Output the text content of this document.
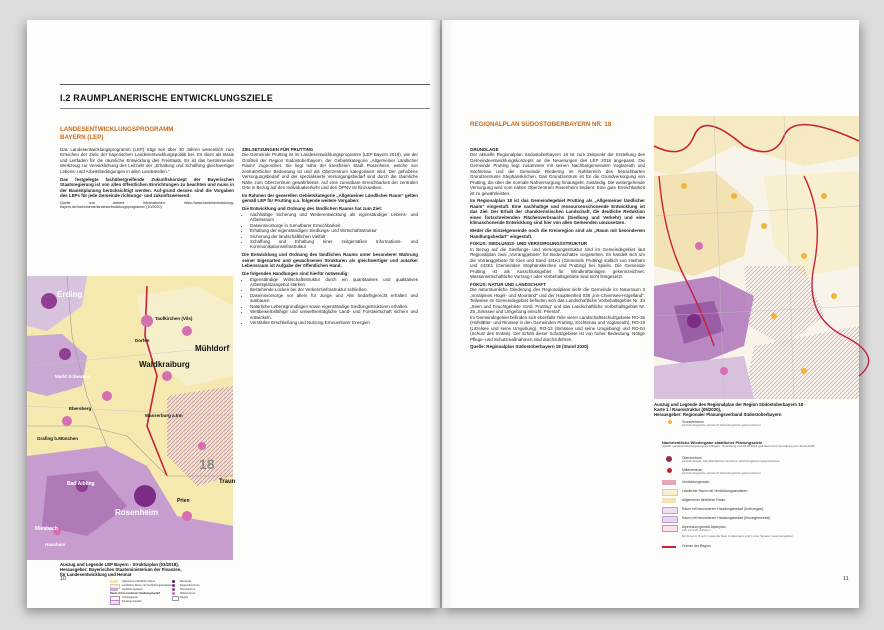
I.2 RAUMPLANERISCHE ENTWICKLUNGSZIELE
LANDESENTWICKLUNGSPROGRAMM
BAYERN (LEP)

Das Landesentwicklungsprogramm (LEP) trägt seit über 30 Jahren wesentlich zum Erreichen der Ziele der bayerischen Landesentwicklungspolitik bei. Es dient als Basis und Leitfaden für die räumliche Entwicklung des Freistaats. Es ist das bestimmende Werkzeug zur Verwirklichung des Leitziels der „Erhaltung und Schaffung gleichwertiger Lebens- und Arbeitsbedingungen in allen Landesteilen.“

Das festgelegte fachübergreifende Zukunftskonzept der Bayerischen Staatsregierung ist von allen öffentlichen Einrichtungen zu beachten und muss in der Bauleitplanung berücksichtigt werden. Auf-grund dessen sind die Vorgaben des LEPs für jede Gemeinde richtungs- und zukunftsweisend.

Quelle und weitere Informationen: https://www.landesentwicklung-bayern.de/instrumente/landesentwicklungsprogramm/ (10/2020)

ZIELSETZUNGEN FÜR PRUTTING

Die Gemeinde Prutting ist im Landesentwicklungsprogramm (LEP Bayern 2018), wie der Großteil der Region Südostoberbayern, der Gebietskategorie „Allgemeiner Ländlicher Raum“ zugeordnet. Sie liegt nahe der kreisfreien Stadt Rosenheim, welche von zentralörtlicher Bedeutung ist und als Oberzentrum kategorisiert wird. Der gehobene Versorgungsbedarf und der spezialisierte Versorgungsbedarf sind durch die räumliche Nähe zum Oberzentrum gewährleistet. Auf eine zumutbare Erreichbarkeit der zentralen Orte in Bezug auf den Individualverkehr und den ÖPNV ist hinzuwirken.

Im Rahmen der generellen Gebietskategorie „Allgemeiner Ländlicher Raum“ gelten gemäß LEP für Prutting u.a. folgende weitere Vorgaben:

Die Entwicklung und Ordnung des ländlichen Raums hat zum Ziel:

• nachhaltige Sicherung und Weiterentwicklung als eigenständiger Lebens- und Arbeitsraum
• Daseinsvorsorge in zumutbarer Erreichbarkeit
• Erhaltung der eigenständigen Siedlungs- und Wirtschaftsstruktur
• Sicherung der landschaftlichen Vielfalt
• Schaffung und Erhaltung einer zeitgemäßen Informations- und Kommunikationsinfrastruktur

Die Entwicklung und Ordnung des ländlichen Raums unter besonderer Wahrung seiner Eigenarten und gewachsenen Strukturen als gleichwertiger und autarker Lebensraum ist Aufgabe der öffentlichen Hand.

Die folgenden Handlungen sind hierfür notwendig:

• Eigenständige Wirtschaftsstruktur durch ein quantitatives und qualitatives Arbeitsplatzangebot stärken.
• Bestehende Lücken bei der Verkehrsinfrastruktur schließen.
• Daseinsvorsorge vor allem für Junge und Alte bedarfsgerecht erhalten und ausbauen.
• Natürliche Lebensgrundlagen sowie eigenständige Siedlungsstrukturen erhalten.
• Wettbewerbsfähige und umweltverträgliche Land- und Forstwirtschaft sichern und entwickeln.
• Verstärkte Erschließung und Nutzung Erneuerbarer Energien
Erding
Taufkirchen (Vils)
Dorfen
Mühldorf
Waldkraiburg
Markt Schwaben
Ebersberg
Wasserburg a.Inn
Grafing b.München
18
Traun
Bad Aibling
Rosenheim
Prien
Miesbach
Hausham
Auszug und Legende LEP Bayern - Strukturplan (03/2018),
Herausgeber: Bayerisches Staatsministerium der Finanzen,
für Landesentwicklung und Heimat
Allgemeiner ländlicher Raum
Ländlicher Raum mit Verdichtungsansätzen
Verdichtungsraum
Raum mit besonderem Handlungsbedarf
Kreisregionen
Einzelgemeinden
Metropole
Regionalzentrum
Oberzentrum
Mittelzentrum
Region
10
REGIONALPLAN SÜDOSTOBERBAYERN NR. 18

GRUNDLAGE

Der aktuelle Regionalplan Südostoberbayern 18 ist zum Zeitpunkt der Erstellung des Gemeindeentwicklungskonzepts an die Neuerungen des LEP 2018 angepasst. Die Gemeinde Prutting liegt zusammen mit seinen Nachbargemeinden Vogtareuth und Söchtenau und der Gemeinde Riedering im Nahbereich des benachbarten Grundzentrums Stephanskirchen. Das Grundzentrum ist für die Grundversorgung von Prutting, die über die normale Nahversorgung hinausgeht, zuständig. Die weitergehende Versorgung wird vom nahen Oberzentrum Rosenheim bedient. Eine gute Erreichbarkeit ist zu gewährleisten.

Im Regionalplan 18 ist das Gemeindegebiet Prutting als „Allgemeiner ländlicher Raum“ eingestuft. Eine nachhaltige und ressourcenschonende Entwicklung ist das Ziel. Der Erhalt der charakteristischen Landschaft, die deutliche Reduktion eines fortschreitenden Flächenverbrauchs (Siedlung und Verkehr) und eine klimaschonende Entwicklung sind hier von allen Gemeinden umzusetzen.

Weder die Einzelgemeinde noch die Kreisregion sind als „Raum mit besonderem Handlungsbedarf“ eingestuft.

FOKUS: SIEDLUNGS- UND VERSORGUNGSSTRUKTUR

In Bezug auf die Siedlungs- und Versorgungsstruktur sind im Gemeindegebiet laut Regionalplan zwei „Vorranggebiete“ für Bodenschätze vorgesehen. Es handelt sich um die Vorranggebiete für Kies und Sand 431K1 (Gemeinde Prutting) südlich von Hasham und 443K1 (Gemeinden Stephanskirchen und Prutting) bei Spielin. Die Gemeinde Prutting ist als Ausschlussgebiet für Windkraftanlagen gekennzeichnet. Wasserwirtschaftliche Vorrang-/ oder Vorbehaltsgebiete sind nicht festgesetzt.

FOKUS: NATUR UND LANDSCHAFT

Die naturräumliche Gliederung des Regionalplans sieht die Gemeinde im Naturraum 3 „Voralpines Hügel- und Moorland“ und der Haupteinheit 038 „Inn-Chiemsee-Hügelland“. Teilweise im Gemeindegebiet befinden sich das Landschaftliche Vorbehaltsgebiet Nr. 24 „Seen und Feuchtgebiete nördl. Prutting“ und das Landschaftliche Vorbehaltsgebiet Nr. 25 „Simssee und Umgebung einschl. Priental“.

Im Gemeindegebiet befinden sich ebenfalls Teile vierer Landschaftsschutzgebiete RO-26 (Hofstätter- und Rinssee in den Gemeinden Prutting, Söchtenau und Vogtareuth), RO-19 (Litzelsee und seine Umgebung), RO-13 (Simssee und seine Umgebung) und RO-04 (Schutz des Inntals). Der Erhalt dieser Schutzgebiete ist von hoher Bedeutung. Nötige Pflege- und Schutzmaßnahmen sind durchzuführen.

Quelle: Regionalplan Südostoberbayern 18 (Stand 2020)

Auszug und Legende des Regionalplan der Region Südostoberbayern 18 -
Karte 1 / Raumstruktur (05/2020),
Herausgeber: Regionaler Planungsverband Südostoberbayern
Grundzentrum
Zentrale Doppelorte sind durch Verbindungslinien gekennzeichnet
Nachrichtliche Wiedergabe staatlicher Planungsziele
(Quelle: Landesentwicklungsprogramm Bayern, Verordnung vom 22.08.2013, geändert durch Verordnung vom 21.02.2018)
Oberzentrum
Zentrale Doppel- oder Mehrfachorte sind durch Verbindungslinien gekennzeichnet
Mittelzentrum
Zentrale Doppelorte sind durch Verbindungslinien gekennzeichnet
Verdichtungsraum
Ländlicher Raum mit Verdichtungsansätzen
Allgemeiner ländlicher Raum
Raum mit besonderem Handlungsbedarf (Kreisregion)
Raum mit besonderem Handlungsbedarf (Einzelgemeinde)
Alpenraum gemäß Alpenplan
LEP 2.3.3 (Z), Anhang 1
Die Zonen A, B und C sowie die Seen im Alpenraum sind in einer Signatur zusammengefasst
Grenze der Region
11
